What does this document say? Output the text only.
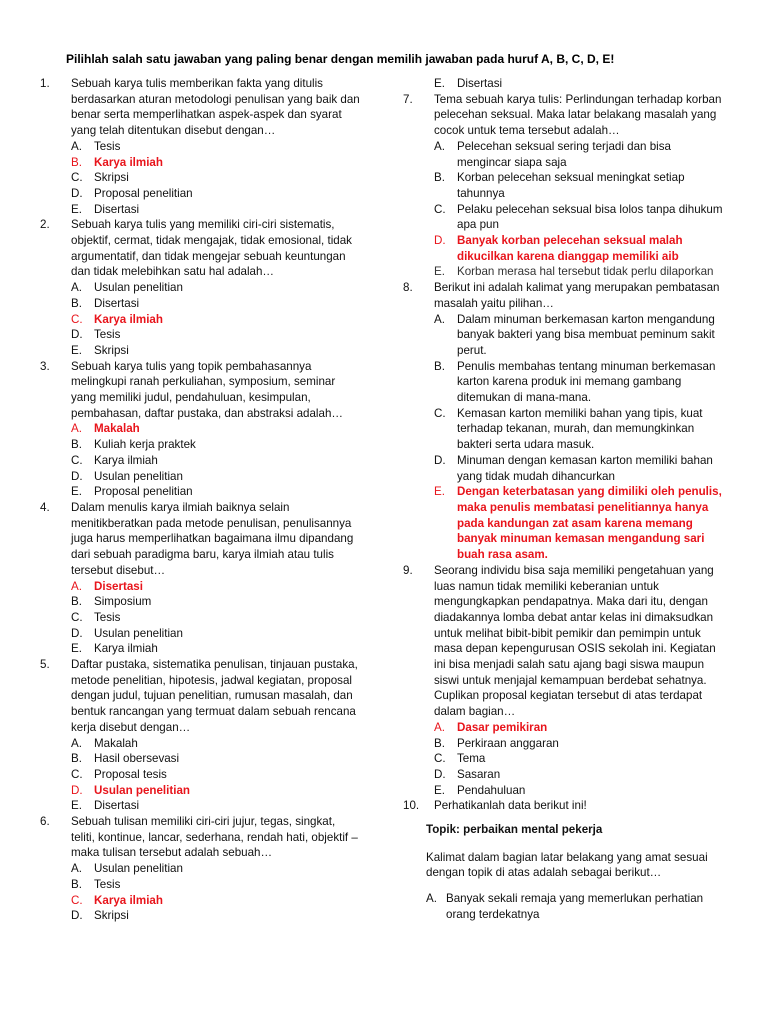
Pilihlah salah satu jawaban yang paling benar dengan memilih jawaban pada huruf A, B, C, D, E!
1.	Sebuah karya tulis memberikan fakta yang ditulis berdasarkan aturan metodologi penulisan yang baik dan benar serta memperlihatkan aspek-aspek dan syarat yang telah ditentukan disebut dengan…
A. Tesis
B. Karya ilmiah
C. Skripsi
D. Proposal penelitian
E. Disertasi
2.	Sebuah karya tulis yang memiliki ciri-ciri sistematis, objektif, cermat, tidak mengajak, tidak emosional, tidak argumentatif, dan tidak mengejar sebuah keuntungan dan tidak melebihkan satu hal adalah…
A. Usulan penelitian
B. Disertasi
C. Karya ilmiah
D. Tesis
E. Skripsi
3.	Sebuah karya tulis yang topik pembahasannya melingkupi ranah perkuliahan, symposium, seminar yang memiliki judul, pendahuluan, kesimpulan, pembahasan, daftar pustaka, dan abstraksi adalah…
A. Makalah
B. Kuliah kerja praktek
C. Karya ilmiah
D. Usulan penelitian
E. Proposal penelitian
4.	Dalam menulis karya ilmiah baiknya selain menitikberatkan pada metode penulisan, penulisannya juga harus memperlihatkan bagaimana ilmu dipandang dari sebuah paradigma baru, karya ilmiah atau tulis tersebut disebut…
A. Disertasi
B. Simposium
C. Tesis
D. Usulan penelitian
E. Karya ilmiah
5.	Daftar pustaka, sistematika penulisan, tinjauan pustaka, metode penelitian, hipotesis, jadwal kegiatan, proposal dengan judul, tujuan penelitian, rumusan masalah, dan bentuk rancangan yang termuat dalam sebuah rencana kerja disebut dengan…
A. Makalah
B. Hasil obersevasi
C. Proposal tesis
D. Usulan penelitian
E. Disertasi
6.	Sebuah tulisan memiliki ciri-ciri jujur, tegas, singkat, teliti, kontinue, lancar, sederhana, rendah hati, objektif – maka tulisan tersebut adalah sebuah…
A. Usulan penelitian
B. Tesis
C. Karya ilmiah
D. Skripsi
E. Disertasi
7.	Tema sebuah karya tulis: Perlindungan terhadap korban pelecehan seksual. Maka latar belakang masalah yang cocok untuk tema tersebut adalah…
A. Pelecehan seksual sering terjadi dan bisa mengincar siapa saja
B. Korban pelecehan seksual meningkat setiap tahunnya
C. Pelaku pelecehan seksual bisa lolos tanpa dihukum apa pun
D. Banyak korban pelecehan seksual malah dikucilkan karena dianggap memiliki aib
E. Korban merasa hal tersebut tidak perlu dilaporkan
8.	Berikut ini adalah kalimat yang merupakan pembatasan masalah yaitu pilihan…
A. Dalam minuman berkemasan karton mengandung banyak bakteri yang bisa membuat peminum sakit perut.
B. Penulis membahas tentang minuman berkemasan karton karena produk ini memang gambang ditemukan di mana-mana.
C. Kemasan karton memiliki bahan yang tipis, kuat terhadap tekanan, murah, dan memungkinkan bakteri serta udara masuk.
D. Minuman dengan kemasan karton memiliki bahan yang tidak mudah dihancurkan
E. Dengan keterbatasan yang dimiliki oleh penulis, maka penulis membatasi penelitiannya hanya pada kandungan zat asam karena memang banyak minuman kemasan mengandung sari buah rasa asam.
9.	Seorang individu bisa saja memiliki pengetahuan yang luas namun tidak memiliki keberanian untuk mengungkapkan pendapatnya. Maka dari itu, dengan diadakannya lomba debat antar kelas ini dimaksudkan untuk melihat bibit-bibit pemikir dan pemimpin untuk masa depan kepengurusan OSIS sekolah ini. Kegiatan ini bisa menjadi salah satu ajang bagi siswa maupun siswi untuk menjajal kemampuan berdebat sehatnya. Cuplikan proposal kegiatan tersebut di atas terdapat dalam bagian…
A. Dasar pemikiran
B. Perkiraan anggaran
C. Tema
D. Sasaran
E. Pendahuluan
10.	Perhatikanlah data berikut ini!
Topik: perbaikan mental pekerja
Kalimat dalam bagian latar belakang yang amat sesuai dengan topik di atas adalah sebagai berikut…
A. Banyak sekali remaja yang memerlukan perhatian orang terdekatnya
